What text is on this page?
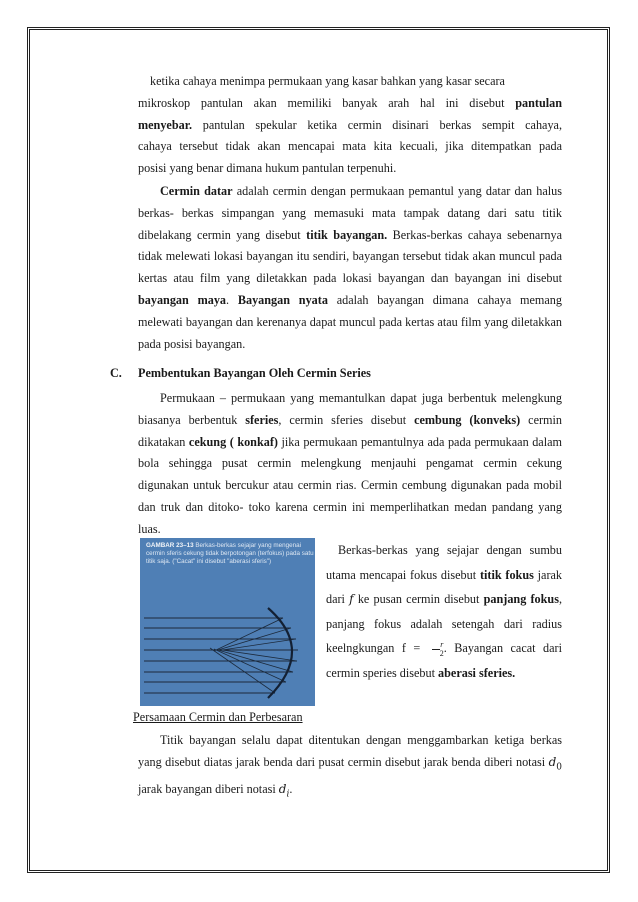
ketika cahaya menimpa permukaan yang kasar bahkan yang kasar secara
mikroskop pantulan akan memiliki banyak arah hal ini disebut pantulan
menyebar. pantulan spekular ketika cermin disinari berkas sempit cahaya,
cahaya tersebut tidak akan mencapai mata kita kecuali, jika ditempatkan pada
posisi yang benar dimana hukum pantulan terpenuhi.
Cermin datar adalah cermin dengan permukaan pemantul yang datar dan halus berkas- berkas simpangan yang memasuki mata tampak datang dari satu titik dibelakang cermin yang disebut titik bayangan. Berkas-berkas cahaya sebenarnya tidak melewati lokasi bayangan itu sendiri, bayangan tersebut tidak akan muncul pada kertas atau film yang diletakkan pada lokasi bayangan dan bayangan ini disebut bayangan maya. Bayangan nyata adalah bayangan dimana cahaya memang melewati bayangan dan kerenanya dapat muncul pada kertas atau film yang diletakkan pada posisi bayangan.
C. Pembentukan Bayangan Oleh Cermin Series
Permukaan – permukaan yang memantulkan dapat juga berbentuk melengkung biasanya berbentuk sferies, cermin sferies disebut cembung (konveks) cermin dikatakan cekung ( konkaf) jika permukaan pemantulnya ada pada permukaan dalam bola sehingga pusat cermin melengkung menjauhi pengamat cermin cekung digunakan untuk bercukur atau cermin rias. Cermin cembung digunakan pada mobil dan truk dan ditoko- toko karena cermin ini memperlihatkan medan pandang yang luas.
GAMBAR 23–13 Berkas-berkas sejajar yang mengenai cermin sferis cekung tidak berpotongan (terfokus) pada satu titik saja. ("Cacat" ini disebut "aberasi sferis")
Berkas-berkas yang sejajar dengan sumbu utama mencapai fokus disebut titik fokus jarak dari f ke pusan cermin disebut panjang fokus, panjang fokus adalah setengah dari radius keelngkungan $f = \frac{r}{2}$ . Bayangan cacat dari cermin speries disebut aberasi sferies.
Persamaan Cermin dan Perbesaran
Titik bayangan selalu dapat ditentukan dengan menggambarkan ketiga berkas yang disebut diatas jarak benda dari pusat cermin disebut jarak benda diberi notasi $d_0$ jarak bayangan diberi notasi $d_i$.
